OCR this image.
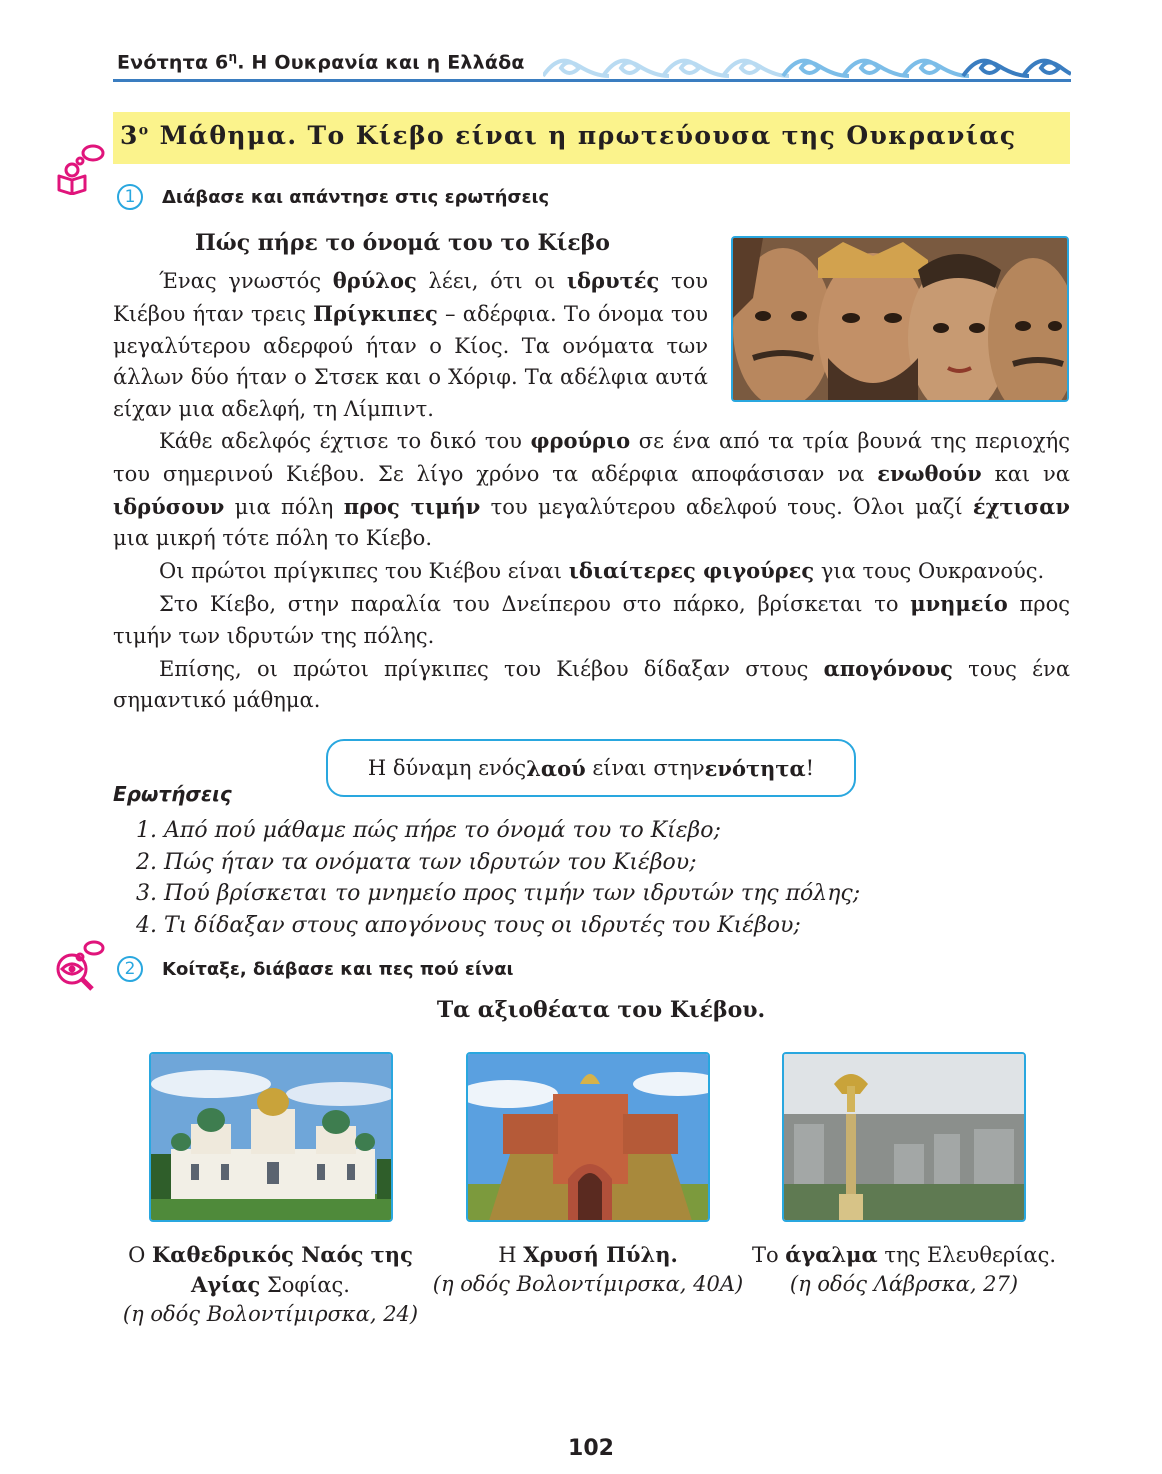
Ενότητα $6^\eta$. Η Ουκρανία και η Ελλάδα
$3^o$ Μάθημα. Το Κίεβο είναι η πρωτεύουσα της Ουκρανίας
1	Διάβασε και απάντησε στις ερωτήσεις
Πώς πήρε το όνομά του το Κίεβο

Ένας γνωστός θρύλος λέει, ότι οι ιδρυτές του Κιέβου ήταν τρεις Πρίγκιπες – αδέρφια. Το όνομα του μεγαλύτερου αδερφού ήταν ο Κίος. Τα ονόματα των άλλων δύο ήταν ο Στσεκ και ο Χόριφ. Τα αδέλφια αυτά είχαν μια αδελφή, τη Λίμπιντ.

Κάθε αδελφός έχτισε το δικό του φρούριο σε ένα από τα τρία βουνά της περιοχής του σημερινού Κιέβου. Σε λίγο χρόνο τα αδέρφια αποφάσισαν να ενωθούν και να ιδρύσουν μια πόλη προς τιμήν του μεγαλύτερου αδελφού τους. Όλοι μαζί έχτισαν μια μικρή τότε πόλη το Κίεβο.

Οι πρώτοι πρίγκιπες του Κιέβου είναι ιδιαίτερες φιγούρες για τους Ουκρανούς.

Στο Κίεβο, στην παραλία του Δνείπερου στο πάρκο, βρίσκεται το μνημείο προς τιμήν των ιδρυτών της πόλης.

Επίσης, οι πρώτοι πρίγκιπες του Κιέβου δίδαξαν στους απογόνους τους ένα σημαντικό μάθημα.

Η δύναμη ενός λαού
είναι στην ενότητα !
Ερωτήσεις
1. Από πού μάθαμε πώς πήρε το όνομά του το Κίεβο;
2. Πώς ήταν τα ονόματα των ιδρυτών του Κιέβου;
3. Πού βρίσκεται το μνημείο προς τιμήν των ιδρυτών της πόλης;
4. Τι δίδαξαν στους απογόνους τους οι ιδρυτές του Κιέβου;
2	Κοίταξε, διάβασε και πες πού είναι
Τα αξιοθέατα του Κιέβου.
Ο Καθεδρικός Ναός της Αγίας Σοφίας.
(η οδός Βολοντίμιρσκα, 24)
Η Χρυσή Πύλη.
(η οδός Βολοντίμιρσκα, 40Α)
Το άγαλμα της Ελευθερίας.
(η οδός Λάβρσκα, 27)
102
